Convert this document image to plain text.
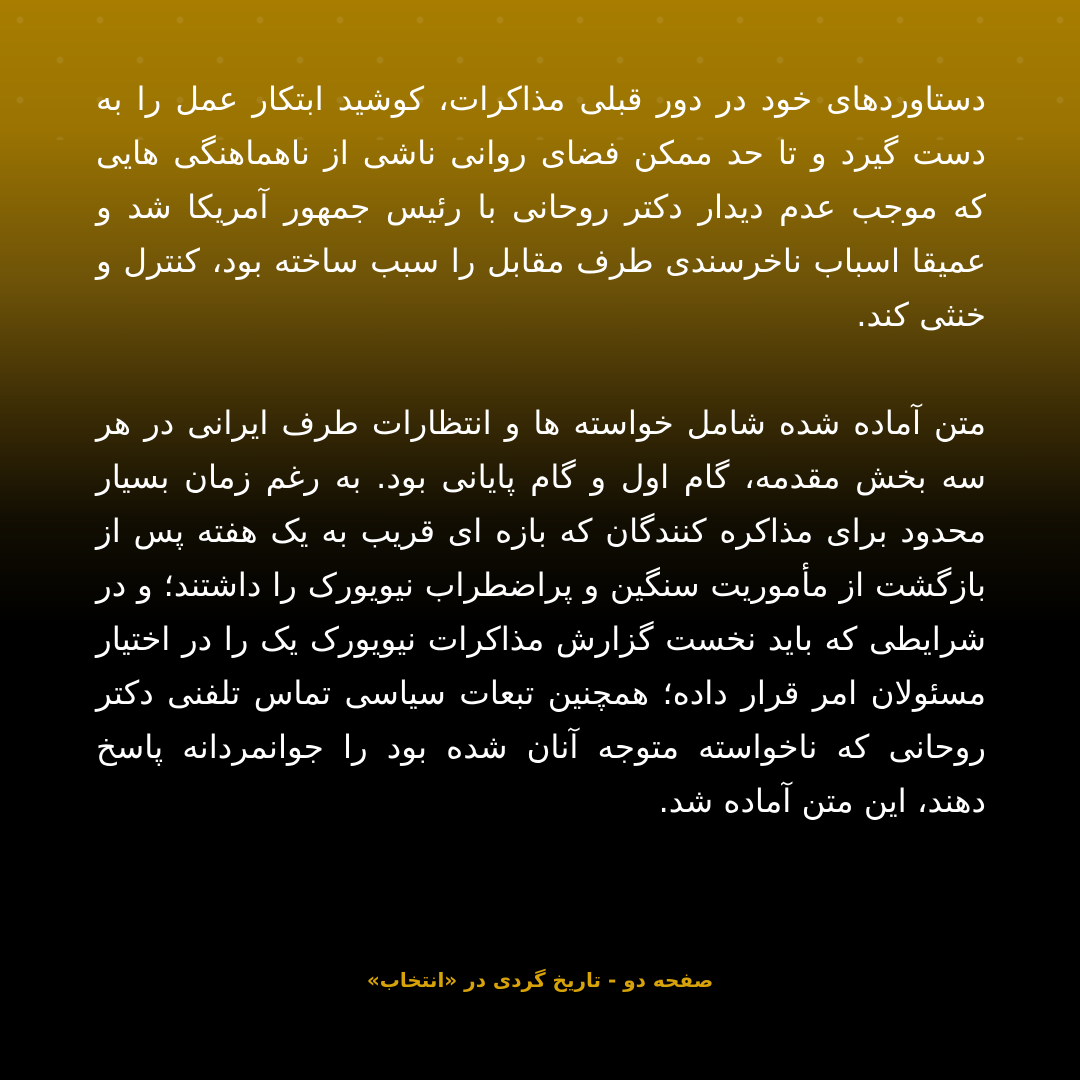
دستاوردهای خود در دور قبلی مذاکرات، کوشید ابتکار عمل را به دست گیرد و تا حد ممکن فضای روانی ناشی از ناهماهنگی هایی که موجب عدم دیدار دکتر روحانی با رئیس جمهور آمریکا شد و عمیقا اسباب ناخرسندی طرف مقابل را سبب ساخته بود، کنترل و خنثی کند.

متن آماده شده شامل خواسته ها و انتظارات طرف ایرانی در هر سه بخش مقدمه، گام اول و گام پایانی بود. به رغم زمان بسیار محدود برای مذاکره کنندگان که بازه ای قریب به یک هفته پس از بازگشت از مأموریت سنگین و پراضطراب نیویورک را داشتند؛ و در شرایطی که باید نخست گزارش مذاکرات نیویورک یک را در اختیار مسئولان امر قرار داده؛ همچنین تبعات سیاسی تماس تلفنی دکتر روحانی که ناخواسته متوجه آنان شده بود را جوانمردانه پاسخ دهند، این متن آماده شد.

صفحه دو - تاریخ گردی در «انتخاب»
